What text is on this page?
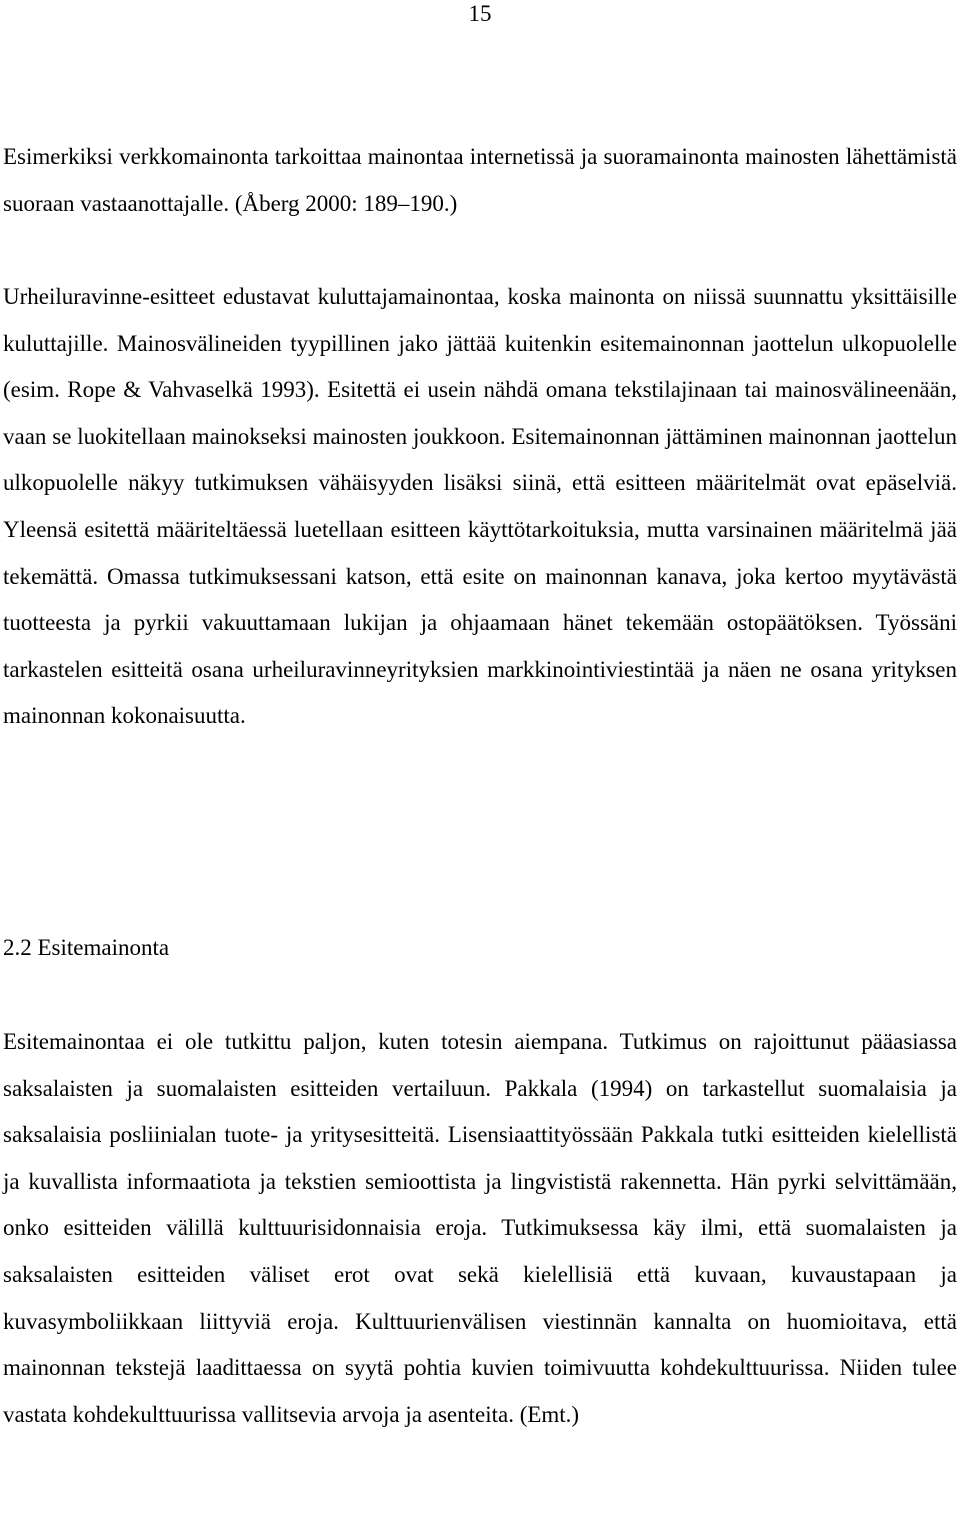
15

Esimerkiksi verkkomainonta tarkoittaa mainontaa internetissä ja suoramainonta mainosten lähettämistä suoraan vastaanottajalle. (Åberg 2000: 189–190.)

Urheiluravinne-esitteet edustavat kuluttajamainontaa, koska mainonta on niissä suunnattu yksittäisille kuluttajille. Mainosvälineiden tyypillinen jako jättää kuitenkin esitemainonnan jaottelun ulkopuolelle (esim. Rope & Vahvaselkä 1993). Esitettä ei usein nähdä omana tekstilajinaan tai mainosvälineenään, vaan se luokitellaan mainokseksi mainosten joukkoon. Esitemainonnan jättäminen mainonnan jaottelun ulkopuolelle näkyy tutkimuksen vähäisyyden lisäksi siinä, että esitteen määritelmät ovat epäselviä. Yleensä esitettä määriteltäessä luetellaan esitteen käyttötarkoituksia, mutta varsinainen määritelmä jää tekemättä. Omassa tutkimuksessani katson, että esite on mainonnan kanava, joka kertoo myytävästä tuotteesta ja pyrkii vakuuttamaan lukijan ja ohjaamaan hänet tekemään ostopäätöksen. Työssäni tarkastelen esitteitä osana urheiluravinneyrityksien markkinointiviestintää ja näen ne osana yrityksen mainonnan kokonaisuutta.

2.2 Esitemainonta

Esitemainontaa ei ole tutkittu paljon, kuten totesin aiempana. Tutkimus on rajoittunut pääasiassa saksalaisten ja suomalaisten esitteiden vertailuun. Pakkala (1994) on tarkastellut suomalaisia ja saksalaisia posliinialan tuote- ja yritysesitteitä. Lisensiaattityössään Pakkala tutki esitteiden kielellistä ja kuvallista informaatiota ja tekstien semioottista ja lingvististä rakennetta. Hän pyrki selvittämään, onko esitteiden välillä kulttuurisidonnaisia eroja. Tutkimuksessa käy ilmi, että suomalaisten ja saksalaisten esitteiden väliset erot ovat sekä kielellisiä että kuvaan, kuvaustapaan ja kuvasymboliikkaan liittyviä eroja. Kulttuurienvälisen viestinnän kannalta on huomioitava, että mainonnan tekstejä laadittaessa on syytä pohtia kuvien toimivuutta kohdekulttuurissa. Niiden tulee vastata kohdekulttuurissa vallitsevia arvoja ja asenteita. (Emt.)
